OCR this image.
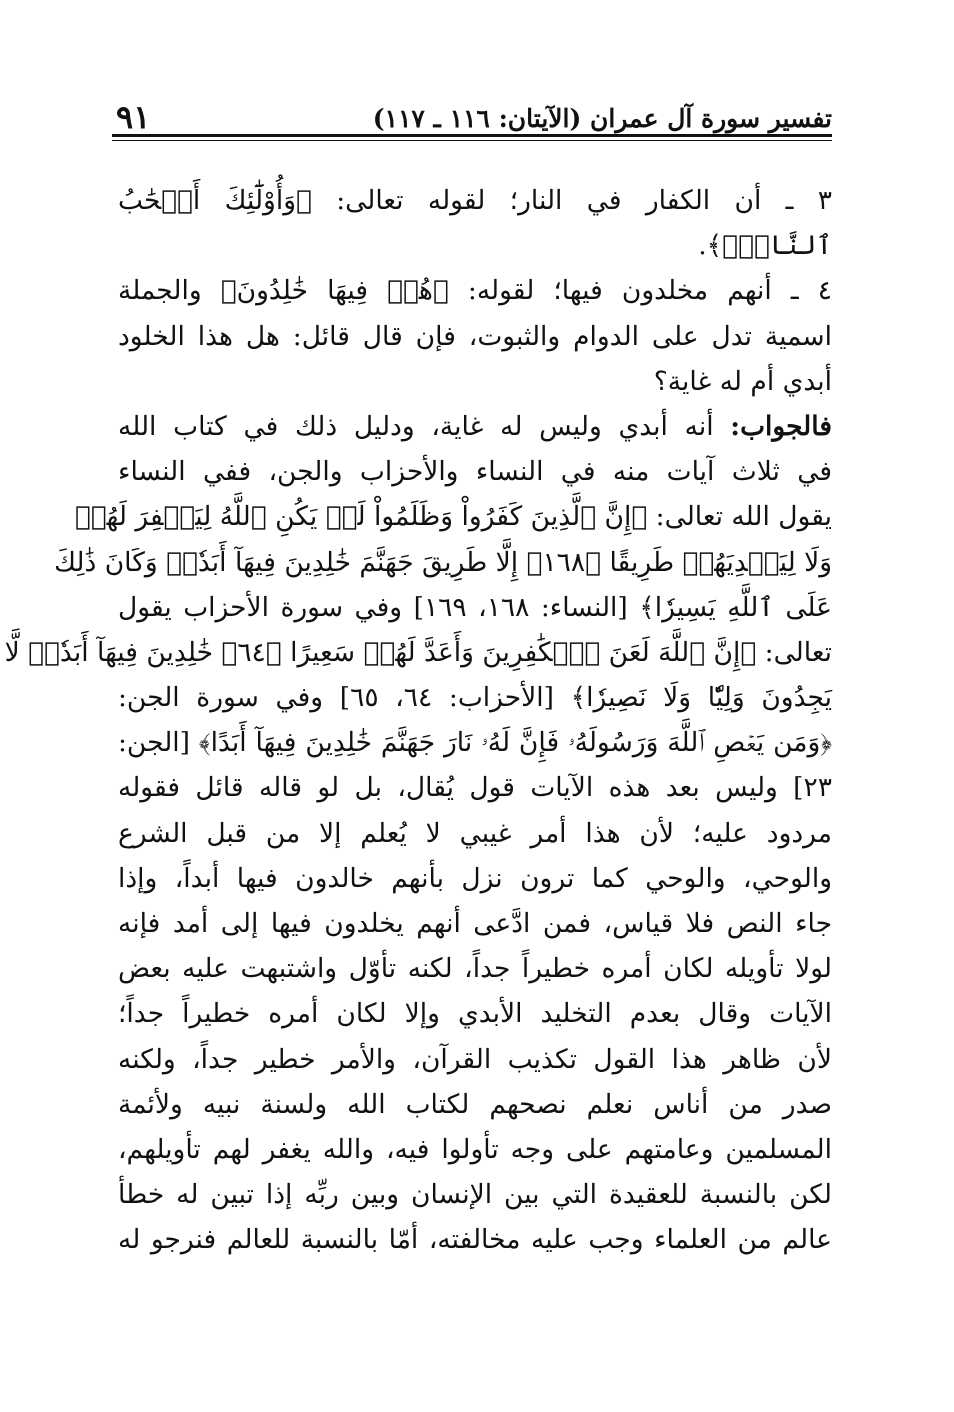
تفسير سورة آل عمران (الآيتان: ١١٦ ـ ١١٧)
٩١
٣ ـ أن الكفار في النار؛ لقوله تعالى: ﴿وَأُوْلَٰٓئِكَ أَصۡحَٰبُ
ٱلنَّارِۖ﴾.
٤ ـ أنهم مخلدون فيها؛ لقوله: ﴿هُمۡ فِيهَا خَٰلِدُونَ﴾ والجملة
اسمية تدل على الدوام والثبوت، فإن قال قائل: هل هذا الخلود
أبدي أم له غاية؟
فالجواب: أنه أبدي وليس له غاية، ودليل ذلك في كتاب الله
في ثلاث آيات منه في النساء والأحزاب والجن، ففي النساء
يقول الله تعالى: ﴿إِنَّ ٱلَّذِينَ كَفَرُواْ وَظَلَمُواْ لَمۡ يَكُنِ ٱللَّهُ لِيَغۡفِرَ لَهُمۡ
وَلَا لِيَهۡدِيَهُمۡ طَرِيقًا ﴿١٦٨﴾ إِلَّا طَرِيقَ جَهَنَّمَ خَٰلِدِينَ فِيهَآ أَبَدٗاۚ وَكَانَ ذَٰلِكَ
عَلَى ٱللَّهِ يَسِيرٗا﴾ [النساء: ١٦٨، ١٦٩] وفي سورة الأحزاب يقول
تعالى: ﴿إِنَّ ٱللَّهَ لَعَنَ ٱلۡكَٰفِرِينَ وَأَعَدَّ لَهُمۡ سَعِيرًا ﴿٦٤﴾ خَٰلِدِينَ فِيهَآ أَبَدٗاۖ لَّا
يَجِدُونَ وَلِيّٗا وَلَا نَصِيرٗا﴾ [الأحزاب: ٦٤، ٦٥] وفي سورة الجن:
﴿وَمَن يَعۡصِ ٱللَّهَ وَرَسُولَهُۥ فَإِنَّ لَهُۥ نَارَ جَهَنَّمَ خَٰلِدِينَ فِيهَآ أَبَدًا﴾ [الجن:
٢٣] وليس بعد هذه الآيات قول يُقال، بل لو قاله قائل فقوله
مردود عليه؛ لأن هذا أمر غيبي لا يُعلم إلا من قبل الشرع
والوحي، والوحي كما ترون نزل بأنهم خالدون فيها أبداً، وإذا
جاء النص فلا قياس، فمن ادَّعى أنهم يخلدون فيها إلى أمد فإنه
لولا تأويله لكان أمره خطيراً جداً، لكنه تأوّل واشتبهت عليه بعض
الآيات وقال بعدم التخليد الأبدي وإلا لكان أمره خطيراً جداً؛
لأن ظاهر هذا القول تكذيب القرآن، والأمر خطير جداً، ولكنه
صدر من أناس نعلم نصحهم لكتاب الله ولسنة نبيه ولأئمة
المسلمين وعامتهم على وجه تأولوا فيه، والله يغفر لهم تأويلهم،
لكن بالنسبة للعقيدة التي بين الإنسان وبين ربِّه إذا تبين له خطأ
عالم من العلماء وجب عليه مخالفته، أمّا بالنسبة للعالم فنرجو له
